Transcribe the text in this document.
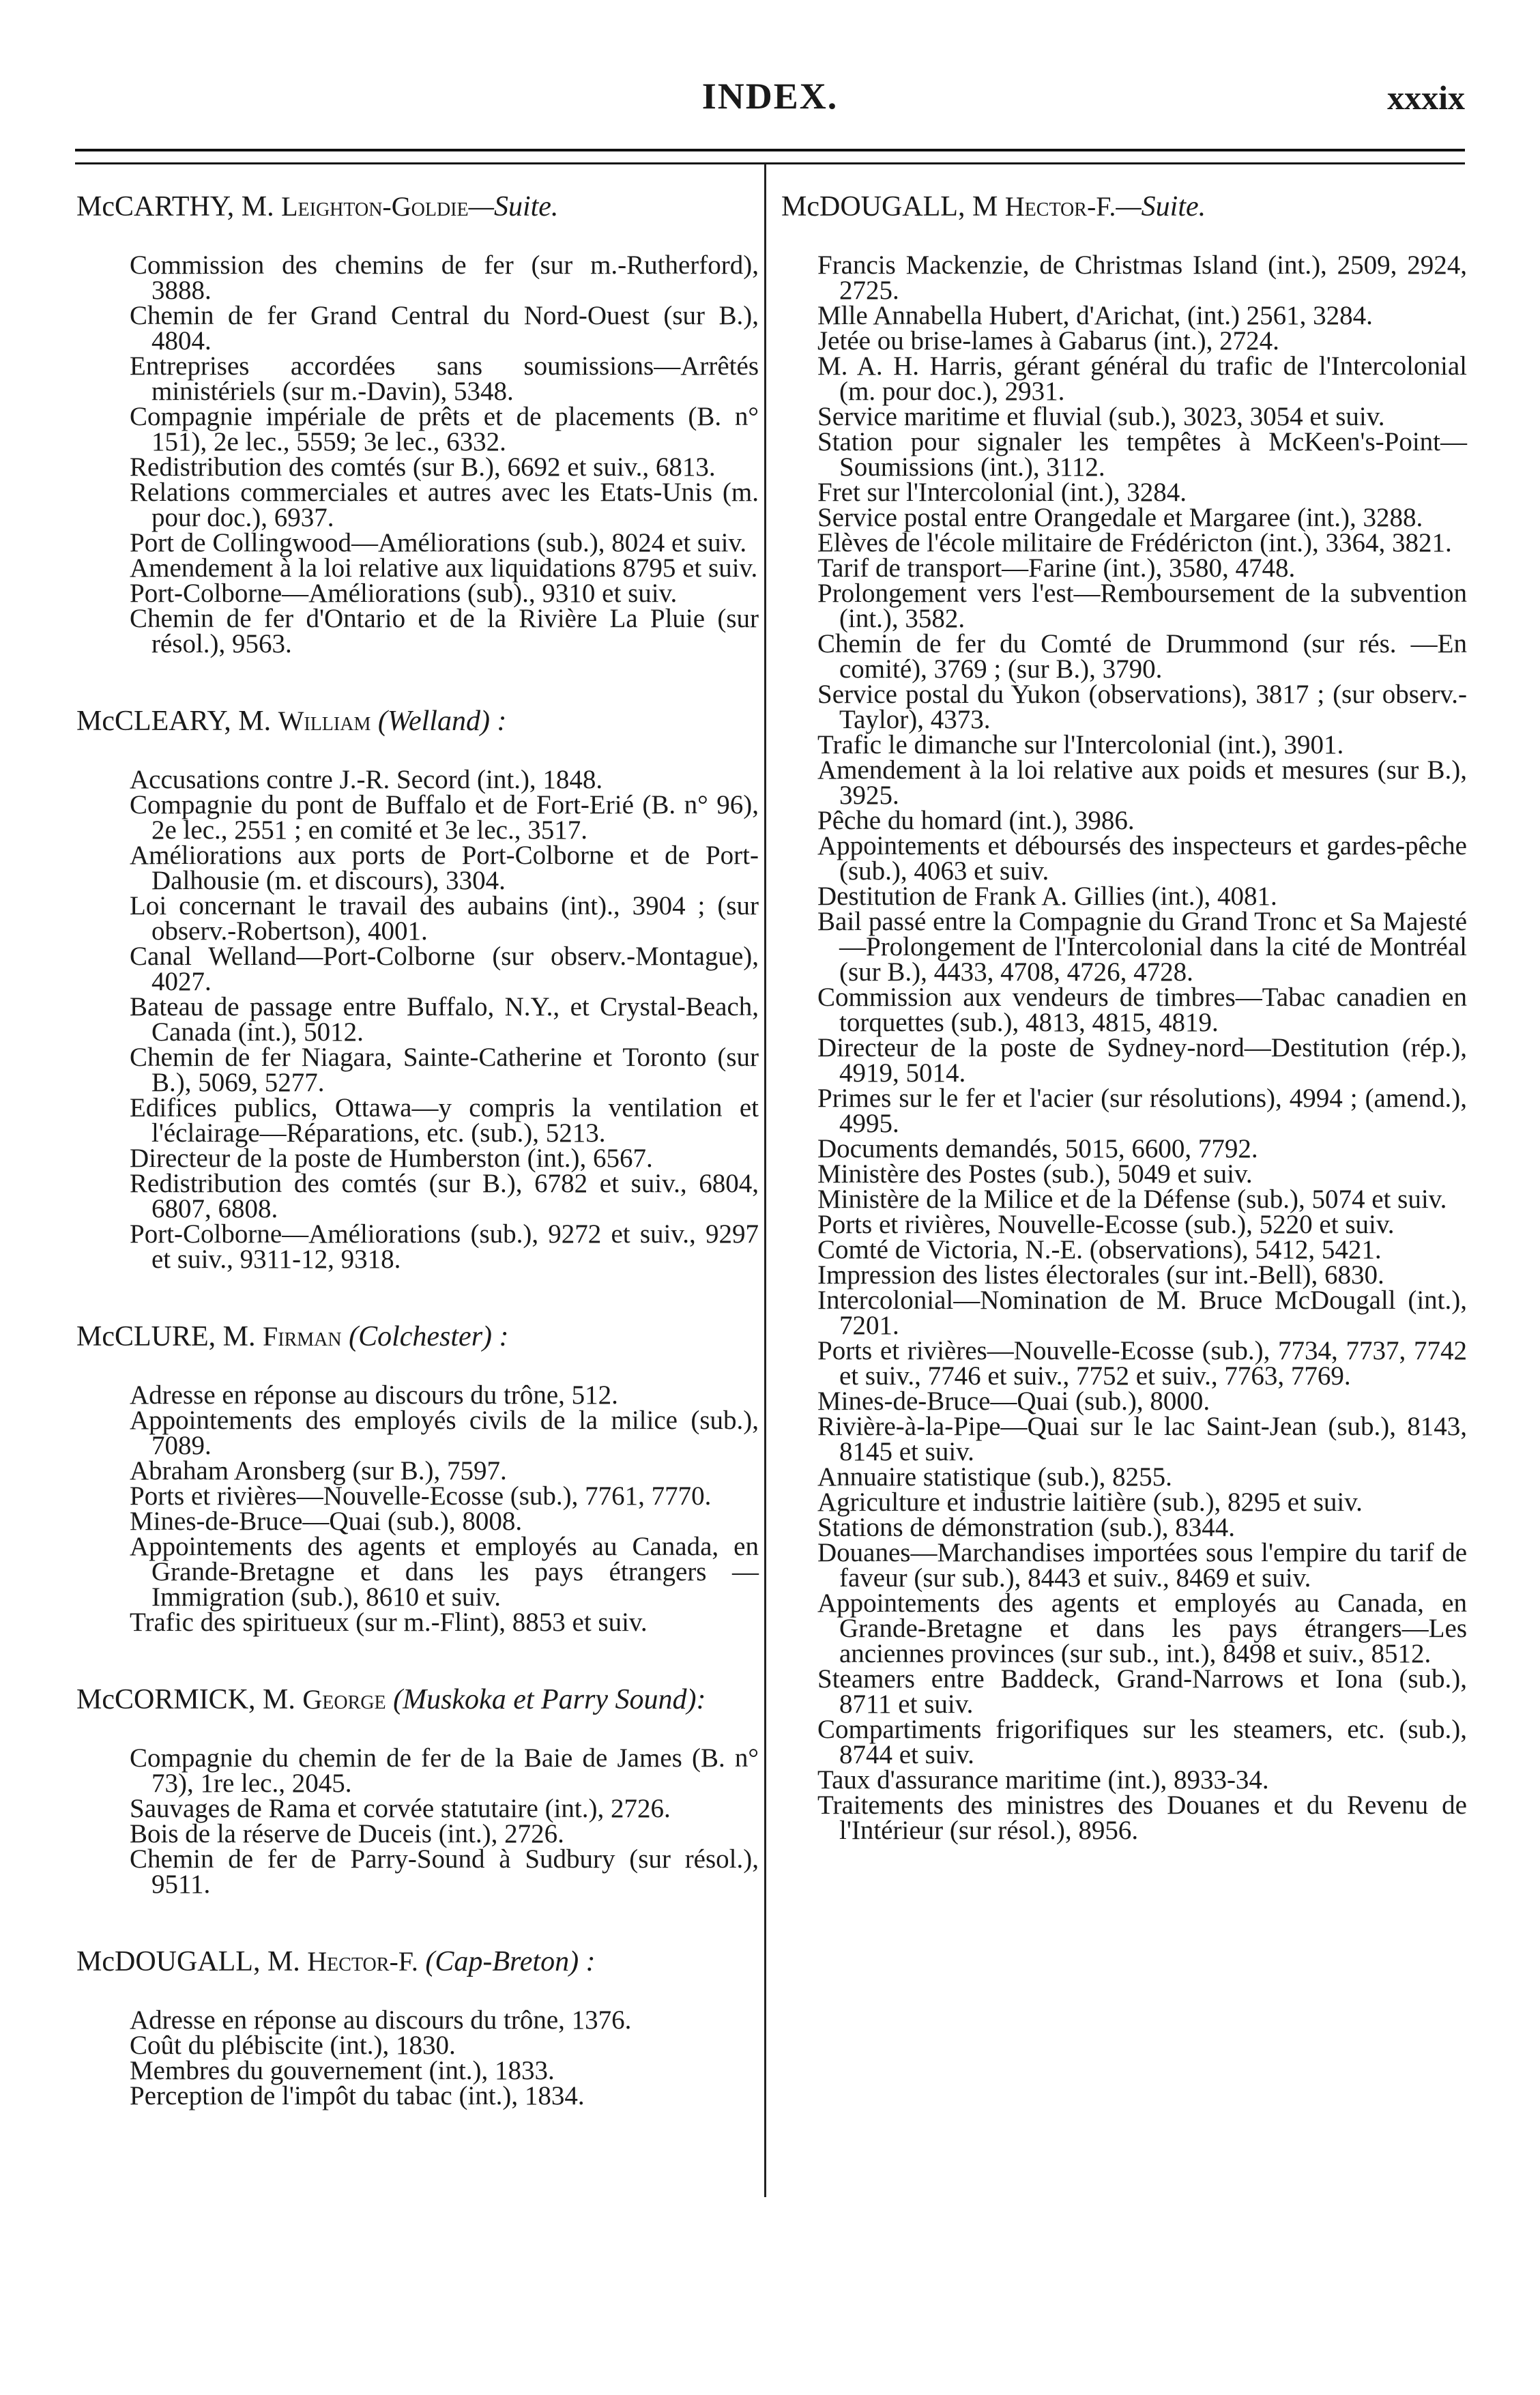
INDEX.	xxxix
McCARTHY, M. Leighton-Goldie—Suite.
Commission des chemins de fer (sur m.-Rutherford), 3888.
Chemin de fer Grand Central du Nord-Ouest (sur B.), 4804.
Entreprises accordées sans soumissions—Arrêtés ministériels (sur m.-Davin), 5348.
Compagnie impériale de prêts et de placements (B. n° 151), 2e lec., 5559; 3e lec., 6332.
Redistribution des comtés (sur B.), 6692 et suiv., 6813.
Relations commerciales et autres avec les Etats-Unis (m. pour doc.), 6937.
Port de Collingwood—Améliorations (sub.), 8024 et suiv.
Amendement à la loi relative aux liquidations 8795 et suiv.
Port-Colborne—Améliorations (sub)., 9310 et suiv.
Chemin de fer d'Ontario et de la Rivière La Pluie (sur résol.), 9563.
McCLEARY, M. William (Welland) :
Accusations contre J.-R. Secord (int.), 1848.
Compagnie du pont de Buffalo et de Fort-Erié (B. n° 96), 2e lec., 2551 ; en comité et 3e lec., 3517.
Améliorations aux ports de Port-Colborne et de Port-Dalhousie (m. et discours), 3304.
Loi concernant le travail des aubains (int)., 3904 ; (sur observ.-Robertson), 4001.
Canal Welland—Port-Colborne (sur observ.-Montague), 4027.
Bateau de passage entre Buffalo, N.Y., et Crystal-Beach, Canada (int.), 5012.
Chemin de fer Niagara, Sainte-Catherine et Toronto (sur B.), 5069, 5277.
Edifices publics, Ottawa—y compris la ventilation et l'éclairage—Réparations, etc. (sub.), 5213.
Directeur de la poste de Humberston (int.), 6567.
Redistribution des comtés (sur B.), 6782 et suiv., 6804, 6807, 6808.
Port-Colborne—Améliorations (sub.), 9272 et suiv., 9297 et suiv., 9311-12, 9318.
McCLURE, M. Firman (Colchester) :
Adresse en réponse au discours du trône, 512.
Appointements des employés civils de la milice (sub.), 7089.
Abraham Aronsberg (sur B.), 7597.
Ports et rivières—Nouvelle-Ecosse (sub.), 7761, 7770.
Mines-de-Bruce—Quai (sub.), 8008.
Appointements des agents et employés au Canada, en Grande-Bretagne et dans les pays étrangers —Immigration (sub.), 8610 et suiv.
Trafic des spiritueux (sur m.-Flint), 8853 et suiv.
McCORMICK, M. George (Muskoka et Parry Sound):
Compagnie du chemin de fer de la Baie de James (B. n° 73), 1re lec., 2045.
Sauvages de Rama et corvée statutaire (int.), 2726.
Bois de la réserve de Duceis (int.), 2726.
Chemin de fer de Parry-Sound à Sudbury (sur résol.), 9511.
McDOUGALL, M. Hector-F. (Cap-Breton) :
Adresse en réponse au discours du trône, 1376.
Coût du plébiscite (int.), 1830.
Membres du gouvernement (int.), 1833.
Perception de l'impôt du tabac (int.), 1834.
McDOUGALL, M Hector-F.—Suite.
Francis Mackenzie, de Christmas Island (int.), 2509, 2924, 2725.
Mlle Annabella Hubert, d'Arichat, (int.) 2561, 3284.
Jetée ou brise-lames à Gabarus (int.), 2724.
M. A. H. Harris, gérant général du trafic de l'Intercolonial (m. pour doc.), 2931.
Service maritime et fluvial (sub.), 3023, 3054 et suiv.
Station pour signaler les tempêtes à McKeen's-Point—Soumissions (int.), 3112.
Fret sur l'Intercolonial (int.), 3284.
Service postal entre Orangedale et Margaree (int.), 3288.
Elèves de l'école militaire de Frédéricton (int.), 3364, 3821.
Tarif de transport—Farine (int.), 3580, 4748.
Prolongement vers l'est—Remboursement de la subvention (int.), 3582.
Chemin de fer du Comté de Drummond (sur rés. —En comité), 3769 ; (sur B.), 3790.
Service postal du Yukon (observations), 3817 ; (sur observ.-Taylor), 4373.
Trafic le dimanche sur l'Intercolonial (int.), 3901.
Amendement à la loi relative aux poids et mesures (sur B.), 3925.
Pêche du homard (int.), 3986.
Appointements et déboursés des inspecteurs et gardes-pêche (sub.), 4063 et suiv.
Destitution de Frank A. Gillies (int.), 4081.
Bail passé entre la Compagnie du Grand Tronc et Sa Majesté—Prolongement de l'Intercolonial dans la cité de Montréal (sur B.), 4433, 4708, 4726, 4728.
Commission aux vendeurs de timbres—Tabac canadien en torquettes (sub.), 4813, 4815, 4819.
Directeur de la poste de Sydney-nord—Destitution (rép.), 4919, 5014.
Primes sur le fer et l'acier (sur résolutions), 4994 ; (amend.), 4995.
Documents demandés, 5015, 6600, 7792.
Ministère des Postes (sub.), 5049 et suiv.
Ministère de la Milice et de la Défense (sub.), 5074 et suiv.
Ports et rivières, Nouvelle-Ecosse (sub.), 5220 et suiv.
Comté de Victoria, N.-E. (observations), 5412, 5421.
Impression des listes électorales (sur int.-Bell), 6830.
Intercolonial—Nomination de M. Bruce McDougall (int.), 7201.
Ports et rivières—Nouvelle-Ecosse (sub.), 7734, 7737, 7742 et suiv., 7746 et suiv., 7752 et suiv., 7763, 7769.
Mines-de-Bruce—Quai (sub.), 8000.
Rivière-à-la-Pipe—Quai sur le lac Saint-Jean (sub.), 8143, 8145 et suiv.
Annuaire statistique (sub.), 8255.
Agriculture et industrie laitière (sub.), 8295 et suiv.
Stations de démonstration (sub.), 8344.
Douanes—Marchandises importées sous l'empire du tarif de faveur (sur sub.), 8443 et suiv., 8469 et suiv.
Appointements des agents et employés au Canada, en Grande-Bretagne et dans les pays étrangers—Les anciennes provinces (sur sub., int.), 8498 et suiv., 8512.
Steamers entre Baddeck, Grand-Narrows et Iona (sub.), 8711 et suiv.
Compartiments frigorifiques sur les steamers, etc. (sub.), 8744 et suiv.
Taux d'assurance maritime (int.), 8933-34.
Traitements des ministres des Douanes et du Revenu de l'Intérieur (sur résol.), 8956.
